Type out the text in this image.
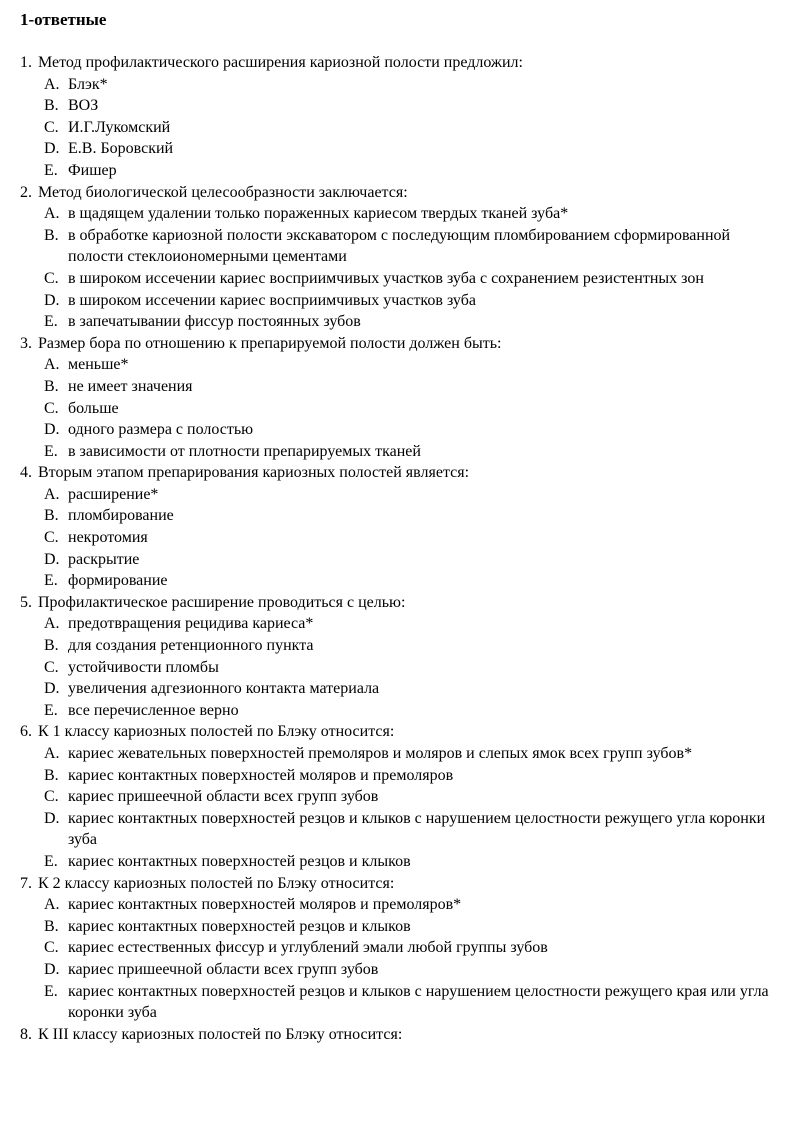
1-ответные
1. Метод профилактического расширения кариозной полости предложил:
A. Блэк*
B. ВОЗ
C. И.Г.Лукомский
D. Е.В. Боровский
E. Фишер
2. Метод биологической целесообразности заключается:
A. в щадящем удалении только пораженных кариесом твердых тканей зуба*
B. в обработке кариозной полости экскаватором с последующим пломбированием сформированной полости стеклоиономерными цементами
C. в широком иссечении кариес восприимчивых участков зуба с сохранением резистентных зон
D. в широком иссечении кариес восприимчивых участков зуба
E. в запечатывании фиссур постоянных зубов
3. Размер бора по отношению к препарируемой полости должен быть:
A. меньше*
B. не имеет значения
C. больше
D. одного размера с полостью
E. в зависимости от плотности препарируемых тканей
4. Вторым этапом препарирования кариозных полостей является:
A. расширение*
B. пломбирование
C. некротомия
D. раскрытие
E. формирование
5. Профилактическое расширение проводиться с целью:
A. предотвращения рецидива кариеса*
B. для создания ретенционного пункта
C. устойчивости пломбы
D. увеличения адгезионного контакта материала
E. все перечисленное верно
6. К 1 классу кариозных полостей по Блэку относится:
A. кариес жевательных поверхностей премоляров и моляров и слепых ямок всех групп зубов*
B. кариес контактных поверхностей моляров и премоляров
C. кариес пришеечной области всех групп зубов
D. кариес контактных поверхностей резцов и клыков с нарушением целостности режущего угла коронки зуба
E. кариес контактных поверхностей резцов и клыков
7. К 2 классу кариозных полостей по Блэку относится:
A. кариес контактных поверхностей моляров и премоляров*
B. кариес контактных поверхностей резцов и клыков
C. кариес естественных фиссур и углублений эмали любой группы зубов
D. кариес пришеечной области всех групп зубов
E. кариес контактных поверхностей резцов и клыков с нарушением целостности режущего края или угла коронки зуба
8. К III классу кариозных полостей по Блэку относится:
